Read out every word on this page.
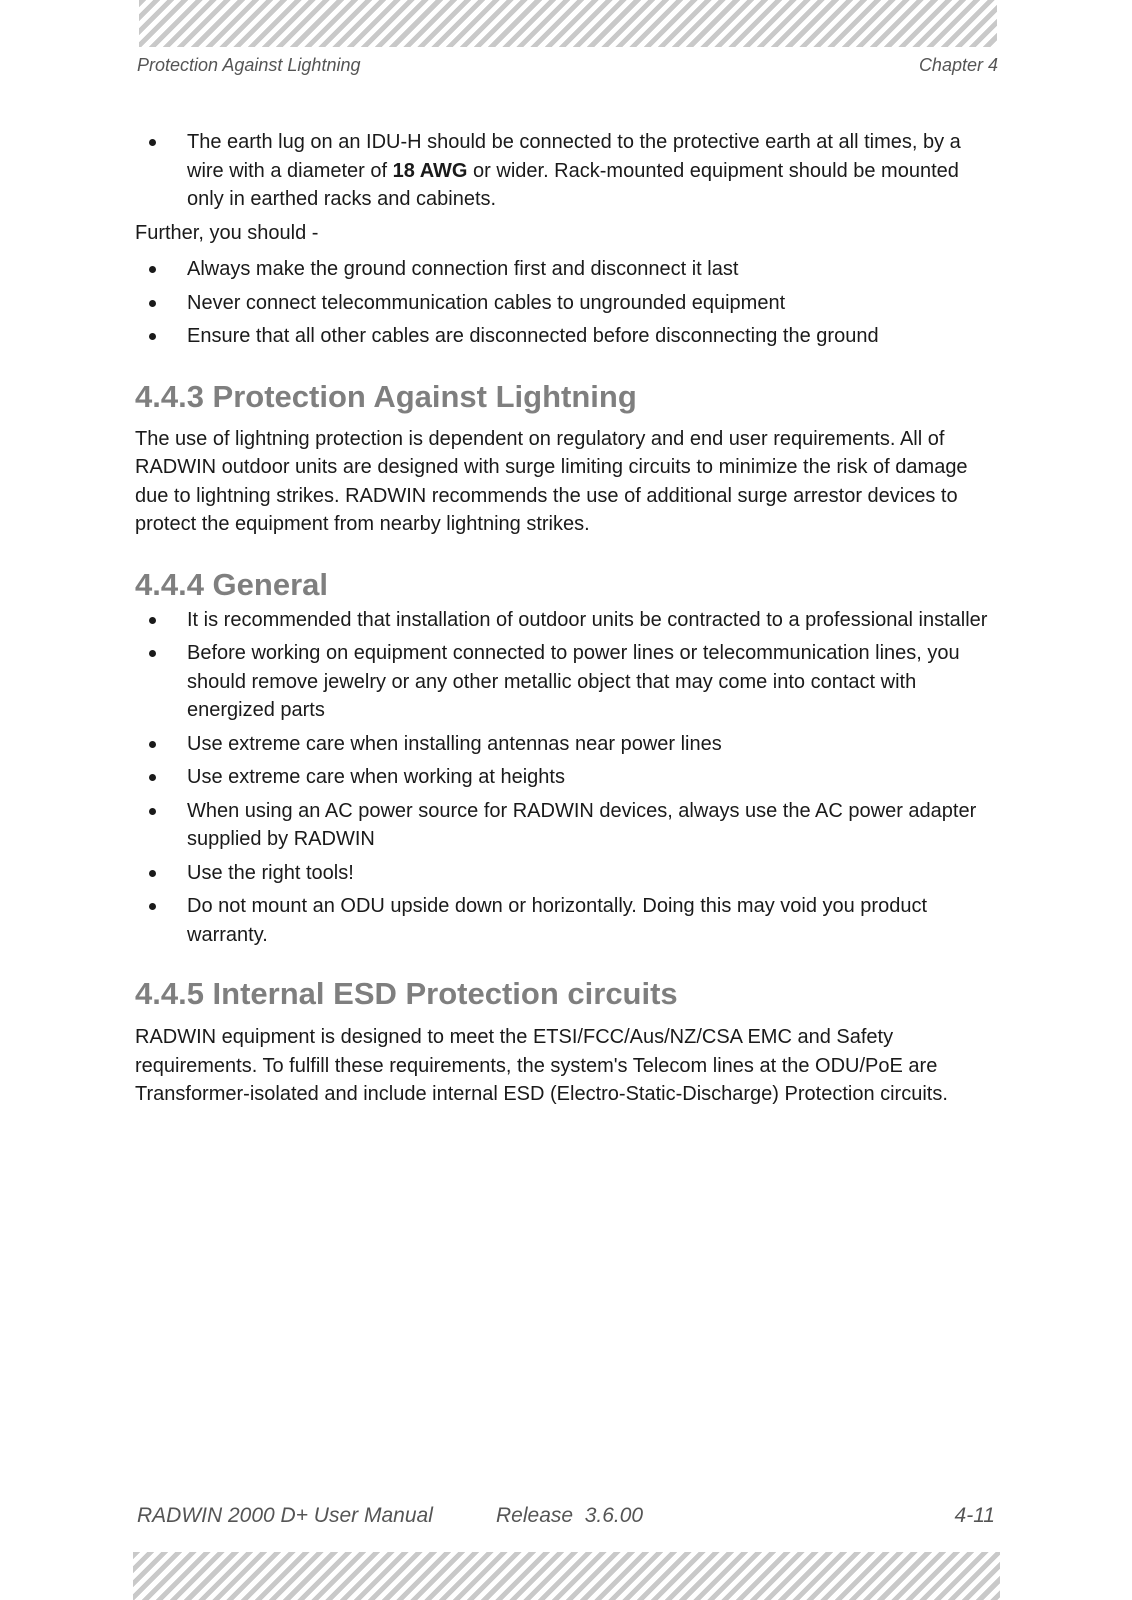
Protection Against Lightning	Chapter 4
The earth lug on an IDU-H should be connected to the protective earth at all times, by a wire with a diameter of 18 AWG or wider. Rack-mounted equipment should be mounted only in earthed racks and cabinets.

Further, you should -

Always make the ground connection first and disconnect it last
Never connect telecommunication cables to ungrounded equipment
Ensure that all other cables are disconnected before disconnecting the ground
4.4.3 Protection Against Lightning

The use of lightning protection is dependent on regulatory and end user requirements. All of RADWIN outdoor units are designed with surge limiting circuits to minimize the risk of damage due to lightning strikes. RADWIN recommends the use of additional surge arrestor devices to protect the equipment from nearby lightning strikes.

4.4.4 General
It is recommended that installation of outdoor units be contracted to a professional installer
Before working on equipment connected to power lines or telecommunication lines, you should remove jewelry or any other metallic object that may come into contact with energized parts
Use extreme care when installing antennas near power lines
Use extreme care when working at heights
When using an AC power source for RADWIN devices, always use the AC power adapter supplied by RADWIN
Use the right tools!
Do not mount an ODU upside down or horizontally. Doing this may void you product warranty.
4.4.5 Internal ESD Protection circuits

RADWIN equipment is designed to meet the ETSI/FCC/Aus/NZ/CSA EMC and Safety requirements. To fulfill these requirements, the system's Telecom lines at the ODU/PoE are Transformer-isolated and include internal ESD (Electro-Static-Discharge) Protection circuits.

RADWIN 2000 D+ User Manual	Release  3.6.00	4-11
